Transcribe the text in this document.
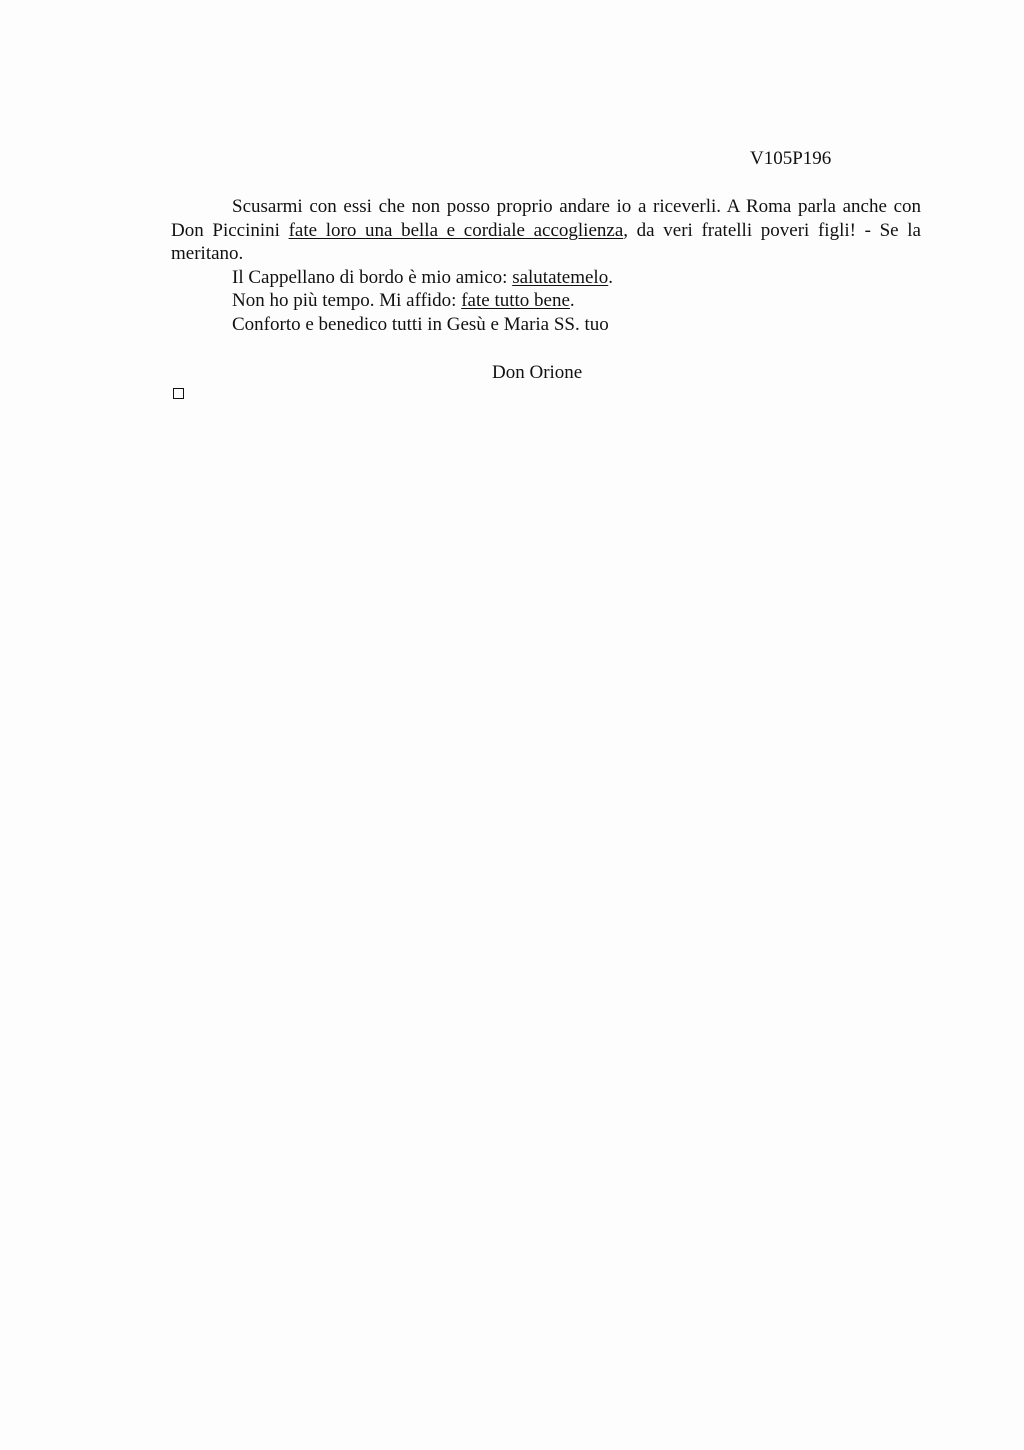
V105P196

Scusarmi con essi che non posso proprio andare io a riceverli. A Roma parla anche con Don Piccinini fate loro una bella e cordiale accoglienza, da veri fratelli poveri figli! - Se la meritano.

Il Cappellano di bordo è mio amico: salutatemelo.

Non ho più tempo. Mi affido: fate tutto bene.

Conforto e benedico tutti in Gesù e Maria SS. tuo

Don Orione
